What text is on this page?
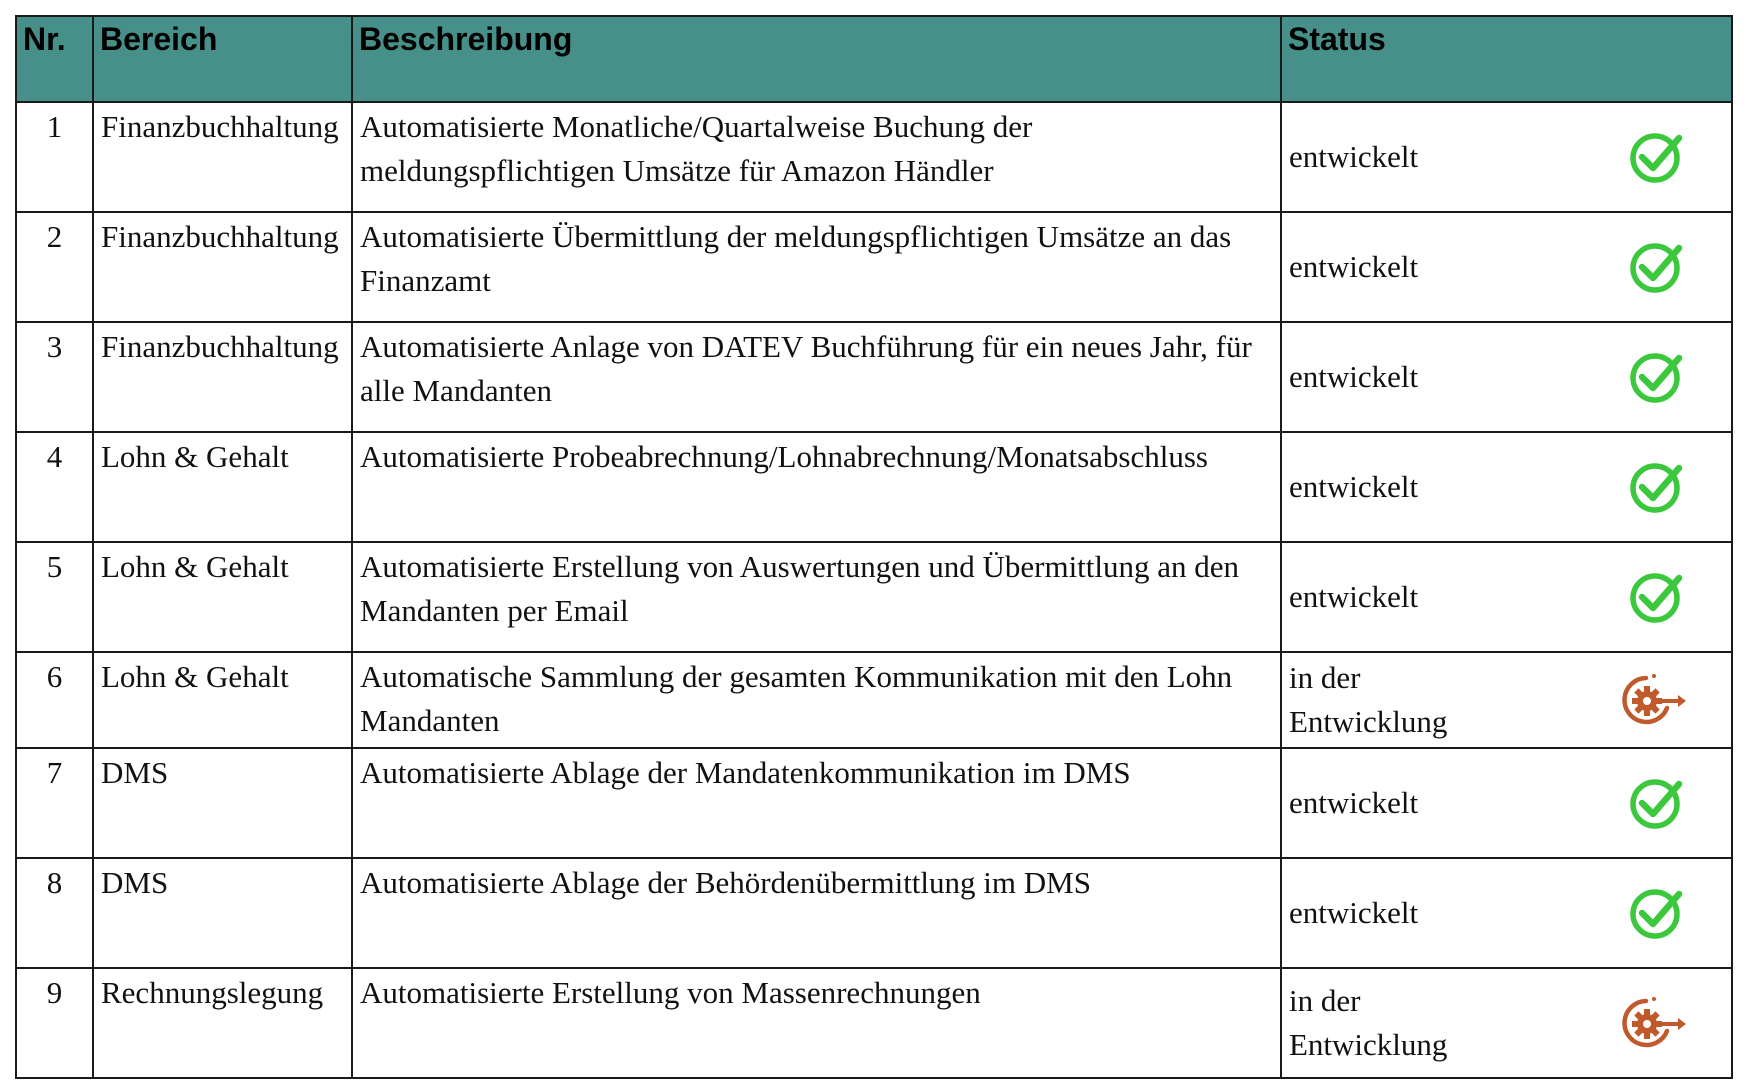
Nr.	Bereich	Beschreibung	Status
1	Finanzbuchhaltung	Automatisierte Monatliche/Quartalweise Buchung der meldungspflichtigen Umsätze für Amazon Händler	entwickelt

2	Finanzbuchhaltung	Automatisierte Übermittlung der meldungspflichtigen Umsätze an das Finanzamt	entwickelt

3	Finanzbuchhaltung	Automatisierte Anlage von DATEV Buchführung für ein neues Jahr, für alle Mandanten	entwickelt

4	Lohn & Gehalt	Automatisierte Probeabrechnung/Lohnabrechnung/Monatsabschluss	entwickelt

5	Lohn & Gehalt	Automatisierte Erstellung von Auswertungen und Übermittlung an den Mandanten per Email	entwickelt

6	Lohn & Gehalt	Automatische Sammlung der gesamten Kommunikation mit den Lohn Mandanten	in der Entwicklung

7	DMS	Automatisierte Ablage der Mandatenkommunikation im DMS	entwickelt

8	DMS	Automatisierte Ablage der Behördenübermittlung im DMS	entwickelt

9	Rechnungslegung	Automatisierte Erstellung von Massenrechnungen	in der Entwicklung
